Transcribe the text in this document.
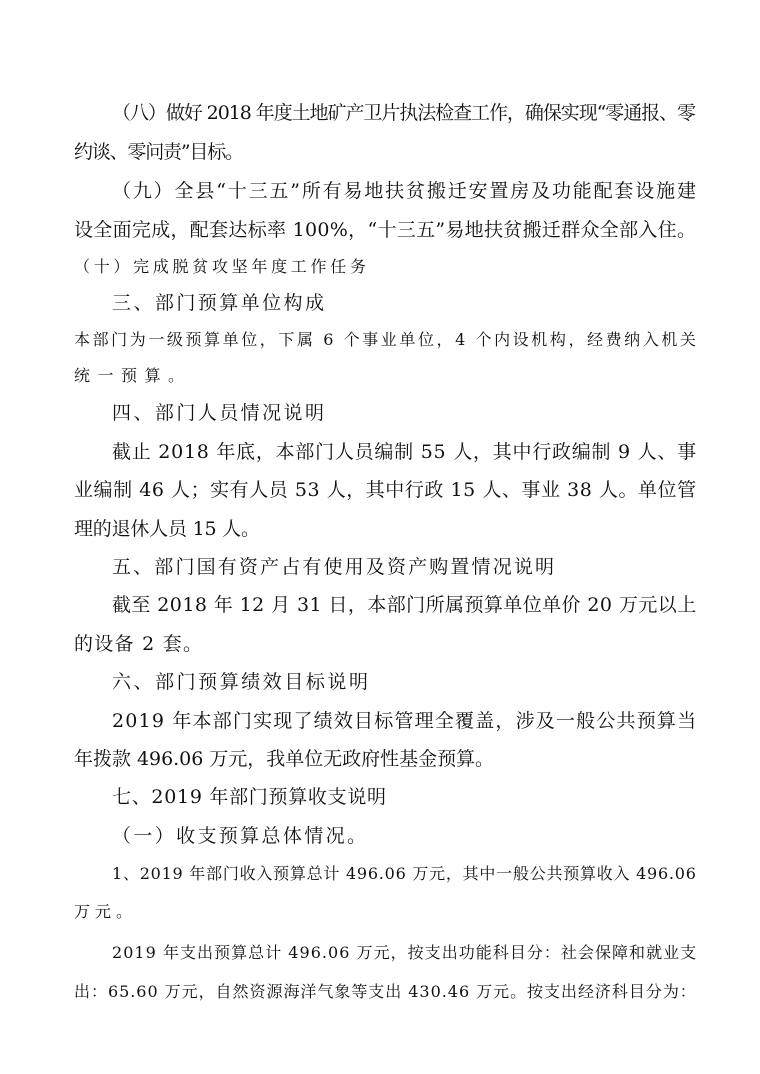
（八）做好 2018 年度土地矿产卫片执法检查工作，确保实现“零通报、零
约谈、零问责”目标。
（九）全县“十三五”所有易地扶贫搬迁安置房及功能配套设施建
设全面完成，配套达标率 100%，“十三五”易地扶贫搬迁群众全部入住。
（十）完成脱贫攻坚年度工作任务
三、部门预算单位构成
本部门为一级预算单位，下属 6 个事业单位，4 个内设机构，经费纳入机关
统一预算。
四、部门人员情况说明
截止 2018 年底，本部门人员编制 55 人，其中行政编制 9 人、事
业编制 46 人；实有人员 53 人，其中行政 15 人、事业 38 人。单位管
理的退休人员 15 人。
五、部门国有资产占有使用及资产购置情况说明
截至 2018 年 12 月 31 日，本部门所属预算单位单价 20 万元以上
的设备 2 套。
六、部门预算绩效目标说明
2019 年本部门实现了绩效目标管理全覆盖，涉及一般公共预算当
年拨款 496.06 万元，我单位无政府性基金预算。
七、2019 年部门预算收支说明
（一）收支预算总体情况。
1、2019 年部门收入预算总计 496.06 万元，其中一般公共预算收入 496.06
万元。
2019 年支出预算总计 496.06 万元，按支出功能科目分：社会保障和就业支
出：65.60 万元，自然资源海洋气象等支出 430.46 万元。按支出经济科目分为：
